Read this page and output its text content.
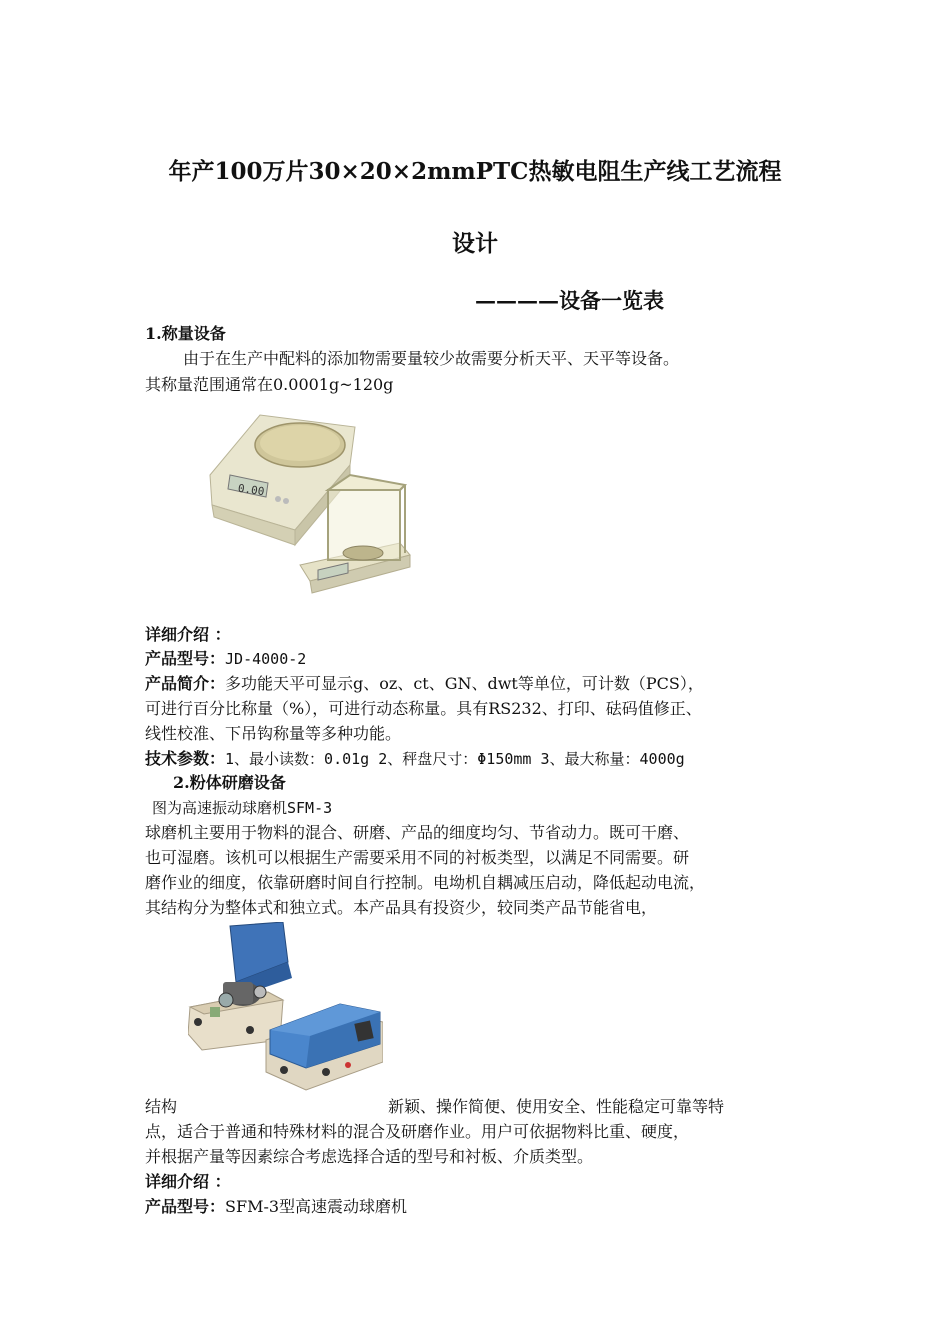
年产100万片30×20×2mmPTC热敏电阻生产线工艺流程
设计
————设备一览表
1.称量设备
由于在生产中配料的添加物需要量较少故需要分析天平、天平等设备。
其称量范围通常在0.0001g~120g
0.00
详细介绍 ：
产品型号：JD-4000-2
产品简介：多功能天平可显示g、oz、ct、GN、dwt等单位，可计数（PCS），
可进行百分比称量（%），可进行动态称量。具有RS232、打印、砝码值修正、
线性校准、下吊钩称量等多种功能。
技术参数：1、最小读数：0.01g 2、秤盘尺寸：Φ150mm 3、最大称量：4000g
2.粉体研磨设备
图为高速振动球磨机SFM-3
球磨机主要用于物料的混合、研磨、产品的细度均匀、节省动力。既可干磨、
也可湿磨。该机可以根据生产需要采用不同的衬板类型，以满足不同需要。研
磨作业的细度，依靠研磨时间自行控制。电坳机自耦减压启动，降低起动电流，
其结构分为整体式和独立式。本产品具有投资少，较同类产品节能省电，
结构	新颖、操作简便、使用安全、性能稳定可靠等特
点，适合于普通和特殊材料的混合及研磨作业。用户可依据物料比重、硬度，
并根据产量等因素综合考虑选择合适的型号和衬板、介质类型。
详细介绍 ：
产品型号：SFM-3型高速震动球磨机
